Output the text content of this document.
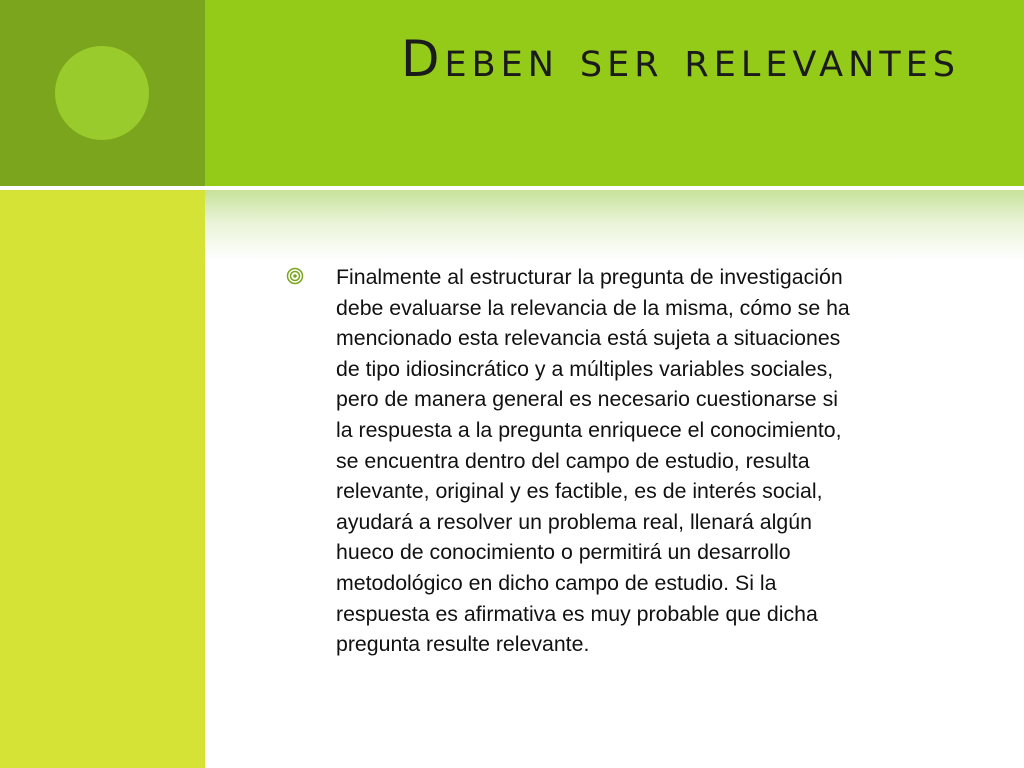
Deben ser relevantes

Finalmente al estructurar la pregunta de investigación
debe evaluarse la relevancia de la misma, cómo se ha
mencionado esta relevancia está sujeta a situaciones
de tipo idiosincrático y a múltiples variables sociales,
pero de manera general es necesario cuestionarse si
la respuesta a la pregunta enriquece el conocimiento,
se encuentra dentro del campo de estudio, resulta
relevante, original y es factible, es de interés social,
ayudará a resolver un problema real, llenará algún
hueco de conocimiento o permitirá un desarrollo
metodológico en dicho campo de estudio. Si la
respuesta es afirmativa es muy probable que dicha
pregunta resulte relevante.
